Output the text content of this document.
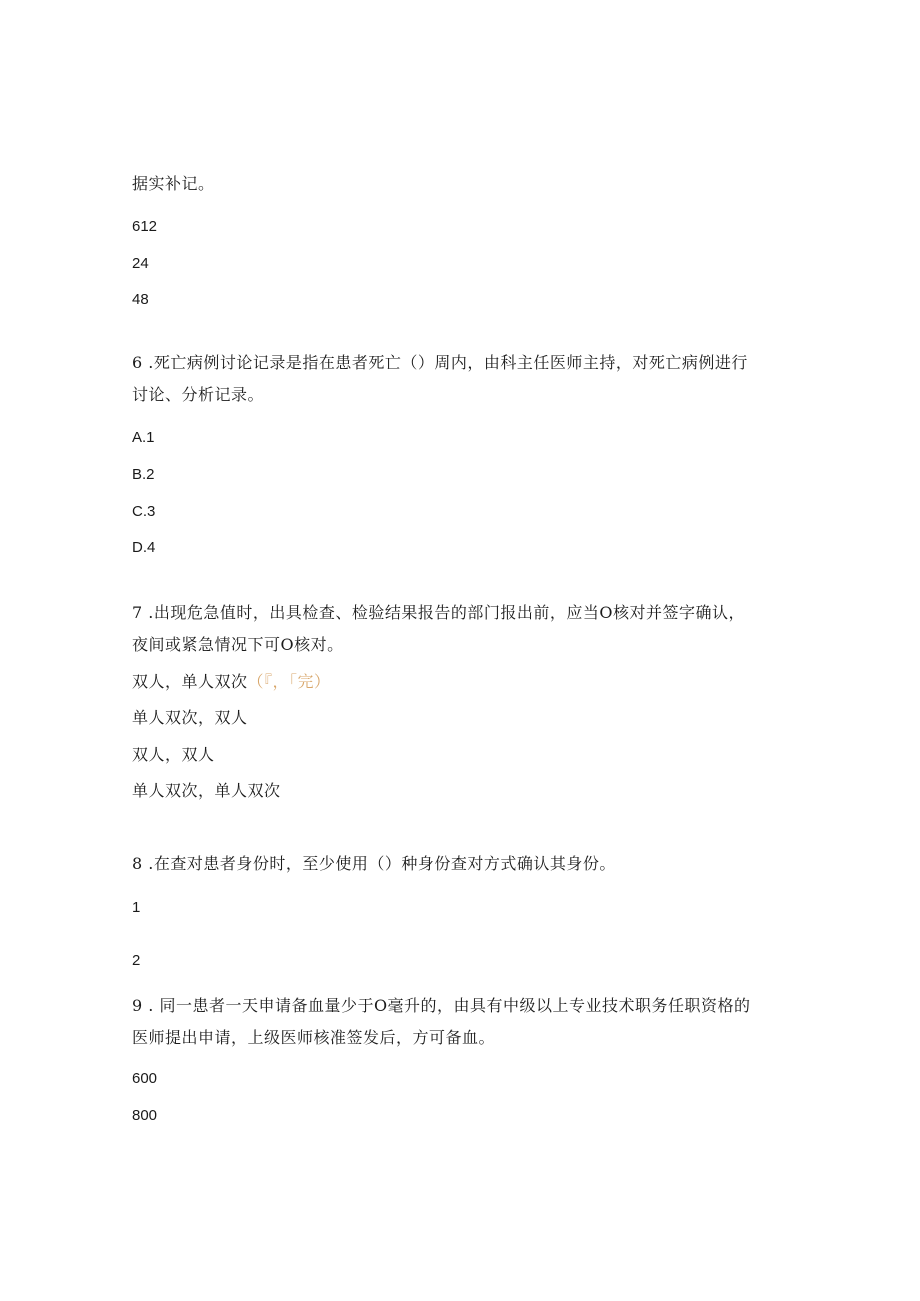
据实补记。
612
24
48
6 .死亡病例讨论记录是指在患者死亡（）周内，由科主任医师主持，对死亡病例进行
讨论、分析记录。
A.1
B.2
C.3
D.4
7 .出现危急值时，出具检查、检验结果报告的部门报出前，应当O核对并签字确认，
夜间或紧急情况下可O核对。
双人，单人双次（『，「完）
单人双次，双人
双人，双人
单人双次，单人双次
8 .在查对患者身份时，至少使用（）种身份查对方式确认其身份。
1
2
9 . 同一患者一天申请备血量少于O毫升的，由具有中级以上专业技术职务任职资格的
医师提出申请，上级医师核准签发后，方可备血。
600
800
